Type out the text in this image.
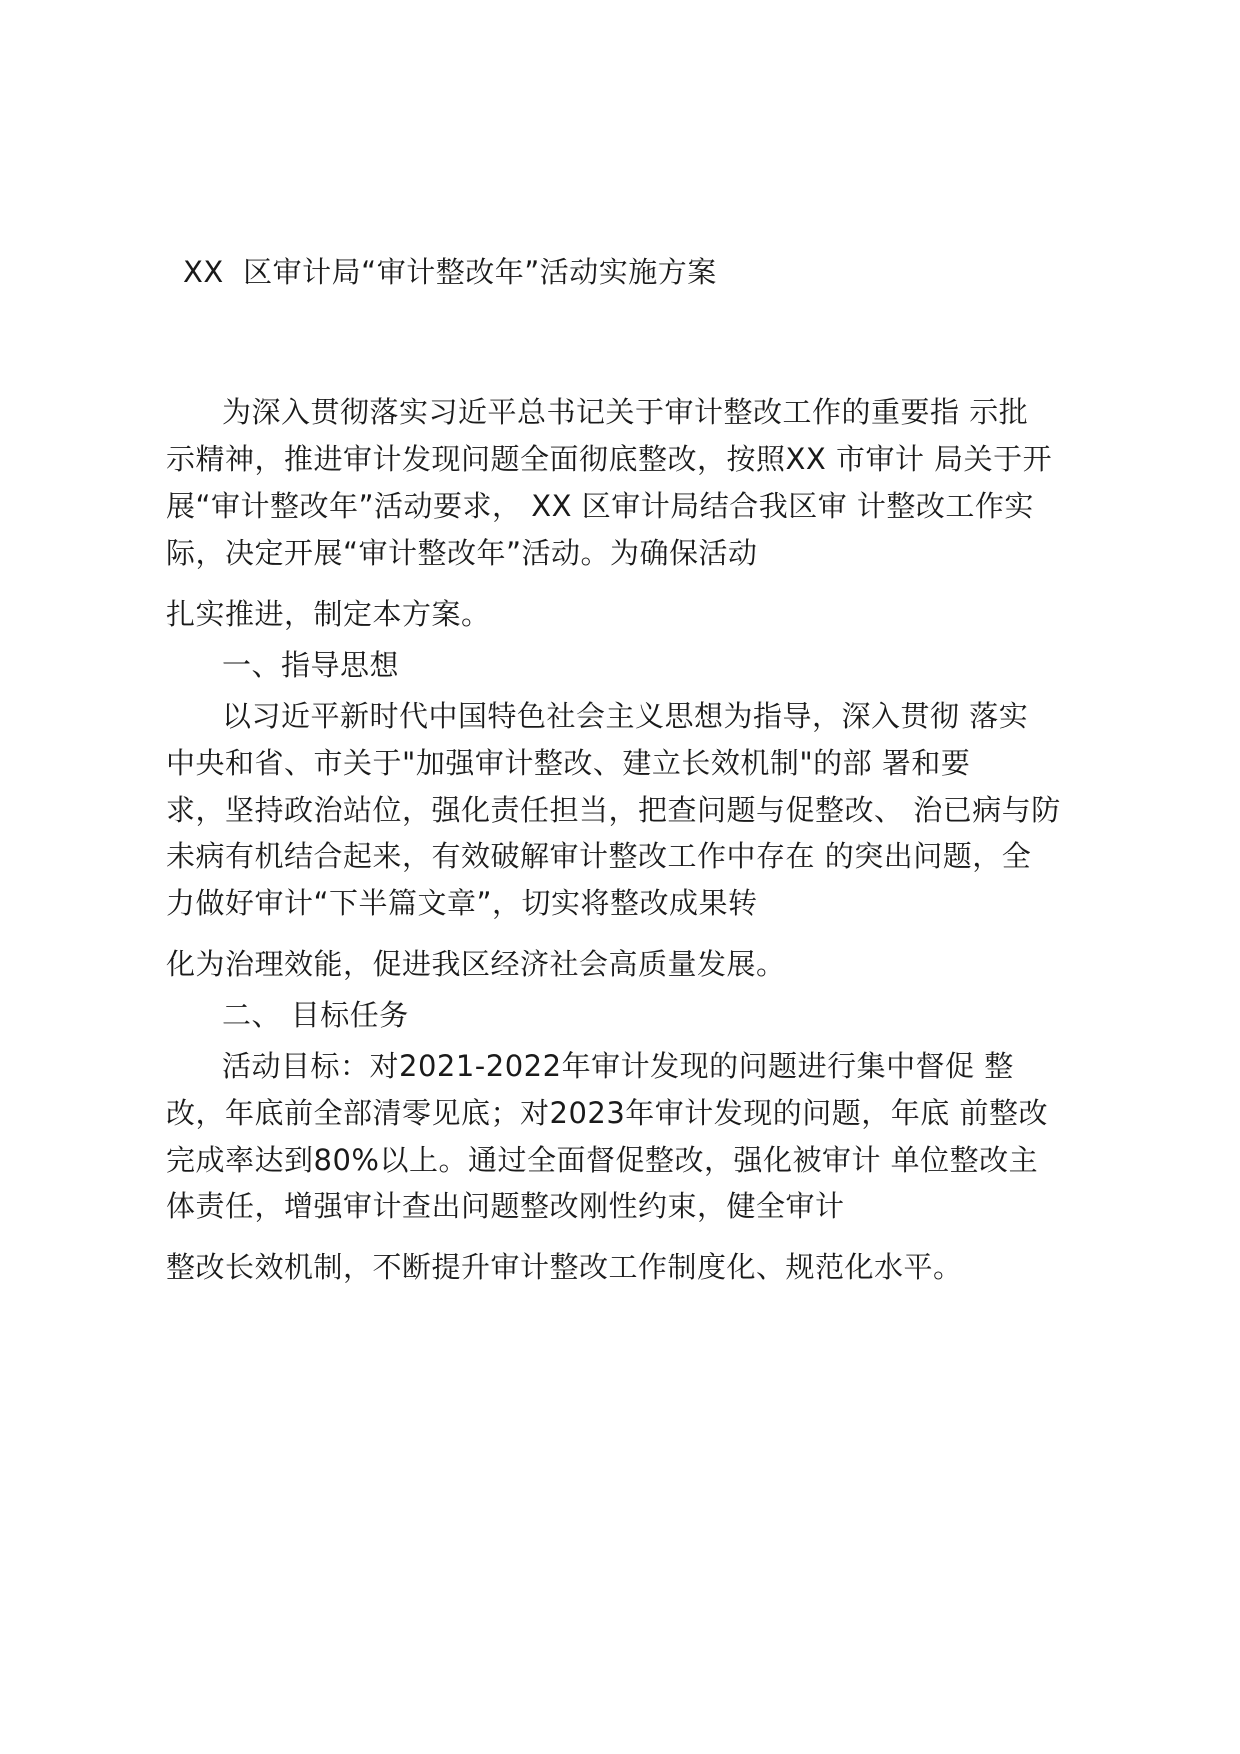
XX  区审计局“审计整改年”活动实施方案
为深入贯彻落实习近平总书记关于审计整改工作的重要指 示批
示精神，推进审计发现问题全面彻底整改，按照XX 市审计 局关于开
展“审计整改年”活动要求， XX 区审计局结合我区审 计整改工作实
际，决定开展“审计整改年”活动。为确保活动
扎实推进，制定本方案。
一、指导思想
以习近平新时代中国特色社会主义思想为指导，深入贯彻 落实
中央和省、市关于"加强审计整改、建立长效机制"的部 署和要
求，坚持政治站位，强化责任担当，把查问题与促整改、 治已病与防
未病有机结合起来，有效破解审计整改工作中存在 的突出问题，全
力做好审计“下半篇文章”，切实将整改成果转
化为治理效能，促进我区经济社会高质量发展。
二、 目标任务
活动目标：对2021-2022年审计发现的问题进行集中督促 整
改，年底前全部清零见底；对2023年审计发现的问题，年底 前整改
完成率达到80%以上。通过全面督促整改，强化被审计 单位整改主
体责任，增强审计查出问题整改刚性约束，健全审计
整改长效机制，不断提升审计整改工作制度化、规范化水平。
